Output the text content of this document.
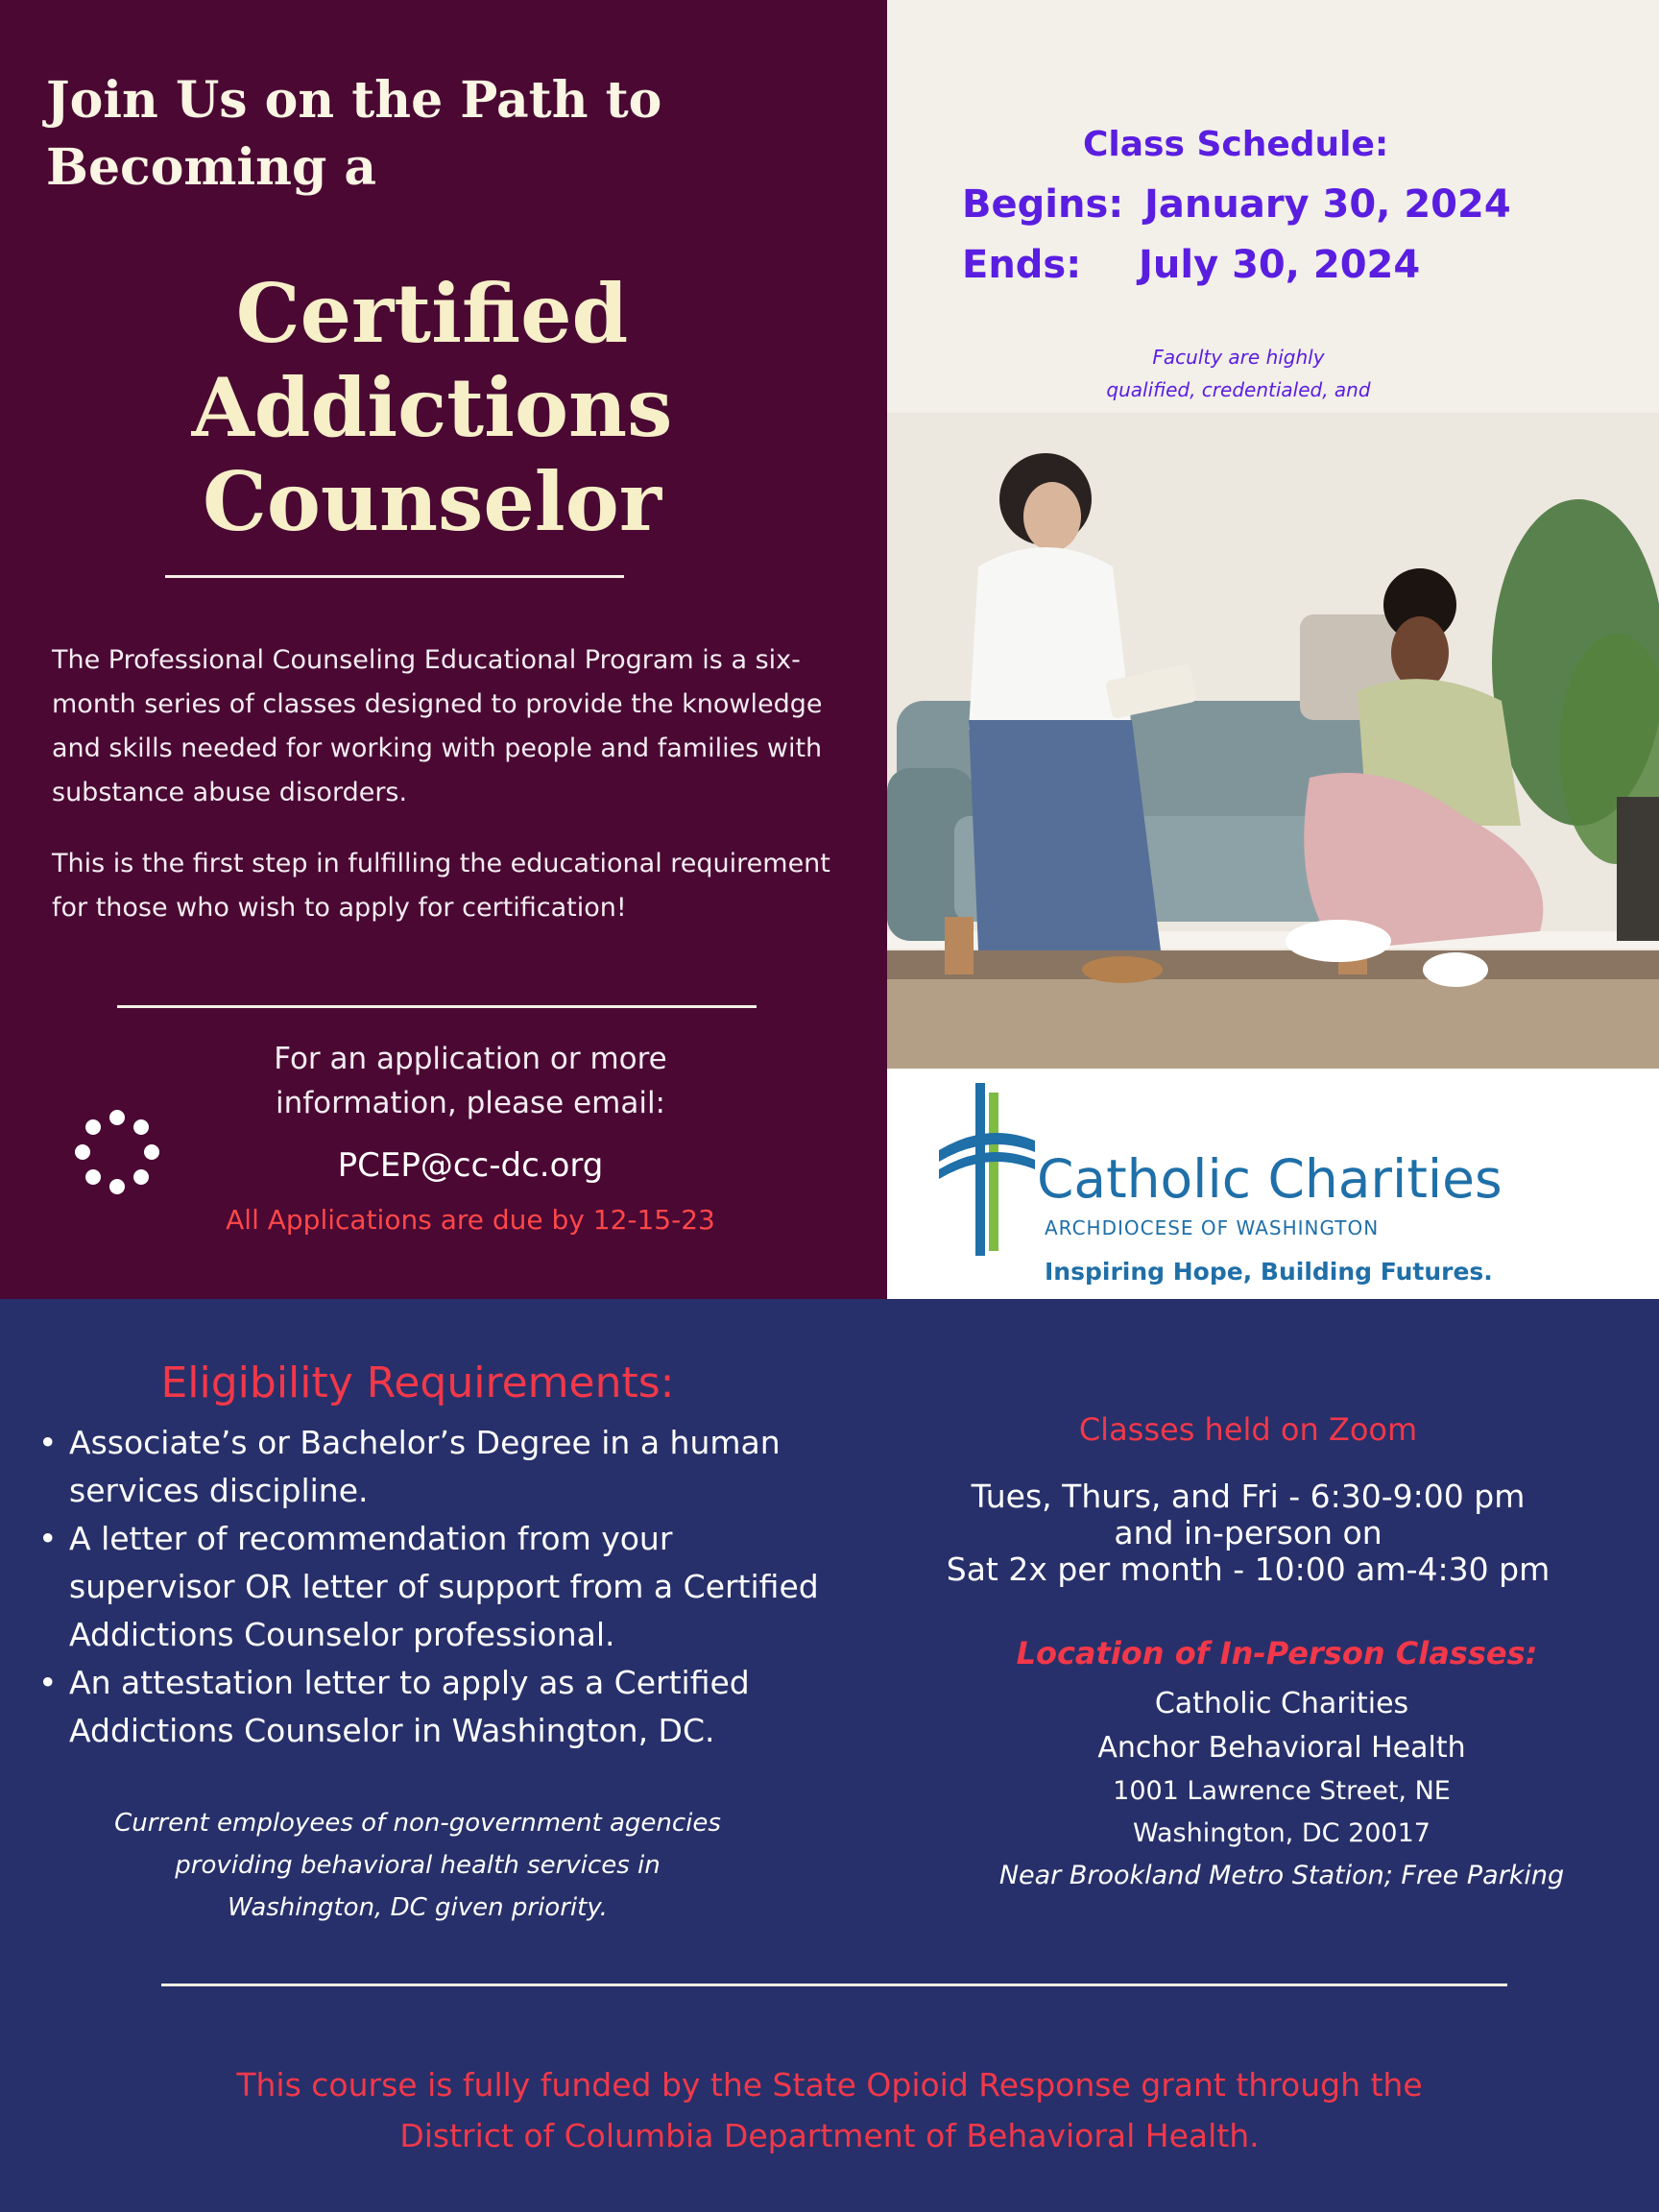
Join Us on the Path to
Becoming a
Certified
Addictions
Counselor
The Professional Counseling Educational Program is a six-month series of classes designed to provide the knowledge and skills needed for working with people and families with substance abuse disorders.
This is the first step in fulfilling the educational requirement for those who wish to apply for certification!
For an application or more
information, please email:
PCEP@cc-dc.org
All Applications are due by 12-15-23
Class Schedule:
Begins: January 30, 2024
Ends: July 30, 2024
Faculty are highly
qualified, credentialed, and
Catholic Charities
ARCHDIOCESE OF WASHINGTON
Inspiring Hope, Building Futures.
Eligibility Requirements:
• Associate’s or Bachelor’s Degree in a human services discipline.
• A letter of recommendation from your supervisor OR letter of support from a Certified Addictions Counselor professional.
• An attestation letter to apply as a Certified Addictions Counselor in Washington, DC.
Current employees of non-government agencies
providing behavioral health services in
Washington, DC given priority.
Classes held on Zoom
Tues, Thurs, and Fri - 6:30-9:00 pm
and in-person on
Sat 2x per month - 10:00 am-4:30 pm
Location of In-Person Classes:
Catholic Charities
Anchor Behavioral Health
1001 Lawrence Street, NE
Washington, DC 20017
Near Brookland Metro Station; Free Parking
This course is fully funded by the State Opioid Response grant through the
District of Columbia Department of Behavioral Health.
